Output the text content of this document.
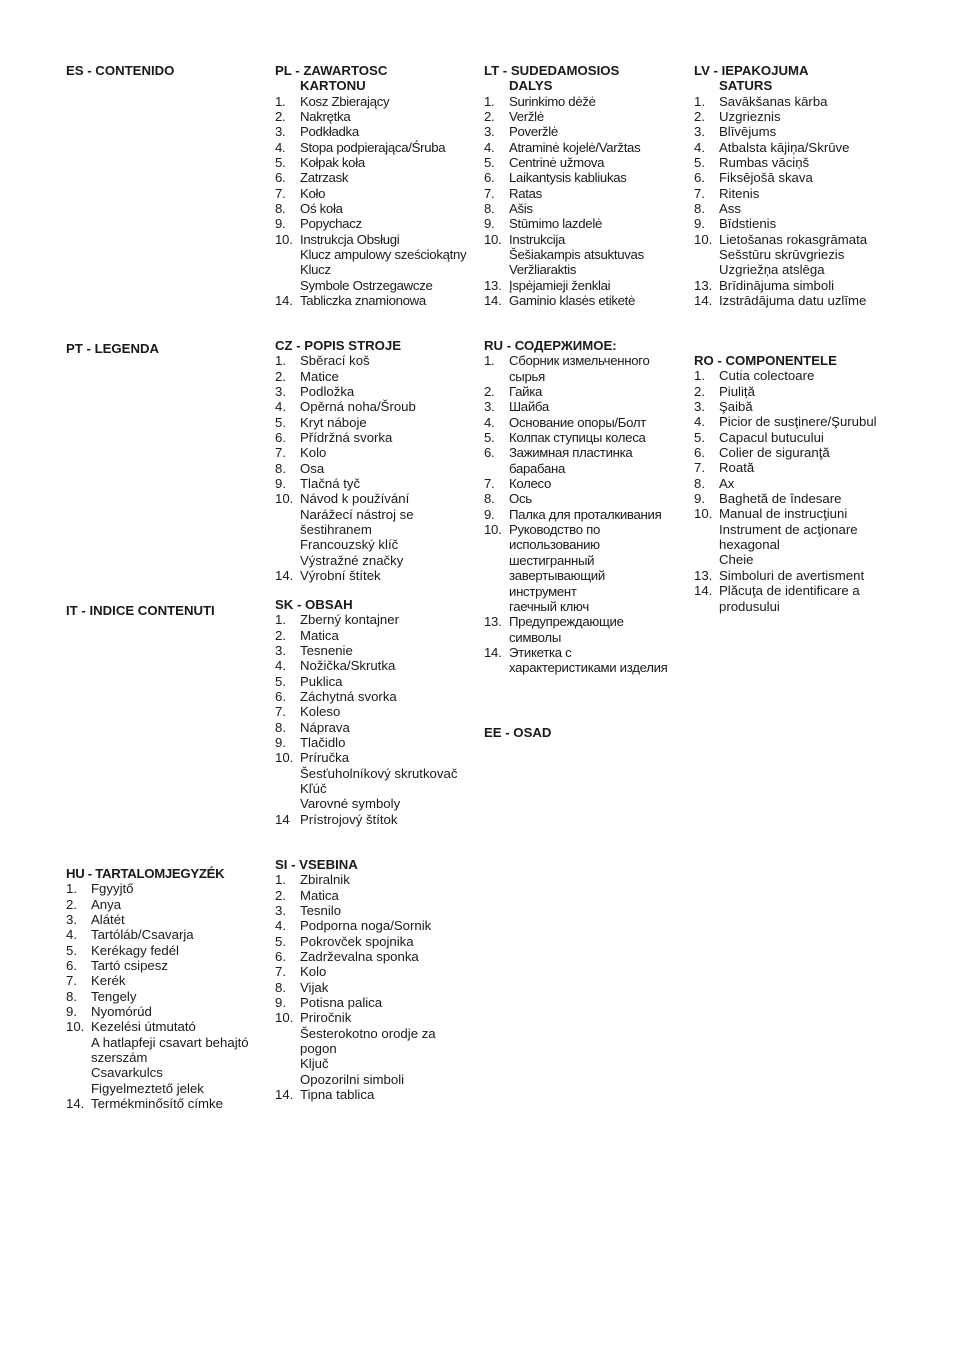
ES - CONTENIDO
PT - LEGENDA
IT - INDICE CONTENUTI
HU - TARTALOMJEGYZÉK
1. Fgyyjtő
2. Anya
3. Alátét
4. Tartóláb/Csavarja
5. Kerékagy fedél
6. Tartó csipesz
7. Kerék
8. Tengely
9. Nyomórúd
10. Kezelési útmutató
A hatlapfeji csavart behajtó szerszám
Csavarkulcs
Figyelmeztető jelek
14. Termékminősítő címke
PL - ZAWARTOSC
KARTONU
1. Kosz Zbierający
2. Nakrętka
3. Podkładka
4. Stopa podpierająca/Śruba
5. Kołpak koła
6. Zatrzask
7. Koło
8. Oś koła
9. Popychacz
10. Instrukcja Obsługi
Klucz ampulowy sześciokątny
Klucz
Symbole Ostrzegawcze
14. Tabliczka znamionowa
CZ - POPIS STROJE
1. Sběrací koš
2. Matice
3. Podložka
4. Opěrná noha/Šroub
5. Kryt náboje
6. Přídržná svorka
7. Kolo
8. Osa
9. Tlačná tyč
10. Návod k používání
Narážecí nástroj se šestihranem
Francouzský klíč
Výstražné značky
14. Výrobní štítek
SK - OBSAH
1. Zberný kontajner
2. Matica
3. Tesnenie
4. Nožička/Skrutka
5. Puklica
6. Záchytná svorka
7. Koleso
8. Náprava
9. Tlačidlo
10. Príručka
Šesťuholníkový skrutkovač
Kľúč
Varovné symboly
14 Prístrojový štítok
SI - VSEBINA
1. Zbiralnik
2. Matica
3. Tesnilo
4. Podporna noga/Sornik
5. Pokrovček spojnika
6. Zadrževalna sponka
7. Kolo
8. Vijak
9. Potisna palica
10. Priročnik
Šesterokotno orodje za pogon
Ključ
Opozorilni simboli
14. Tipna tablica
LT - SUDEDAMOSIOS
DALYS
1. Surinkimo dėžė
2. Veržlė
3. Poveržlė
4. Atraminė kojelė/Varžtas
5. Centrinė užmova
6. Laikantysis kabliukas
7. Ratas
8. Ašis
9. Stūmimo lazdelė
10. Instrukcija
Šešiakampis atsuktuvas
Veržliaraktis
13. Įspėjamieji ženklai
14. Gaminio klasės etiketė
RU - СОДЕРЖИМОЕ:
1. Сборник измельченного сырья
2. Гайка
3. Шайба
4. Основание опоры/Болт
5. Колпак ступицы колеса
6. Зажимная пластинка барабана
7. Колесо
8. Ось
9. Палка для проталкивания
10. Руководство по использованию
шестигранный завертывающий инструмент
гаечный ключ
13. Предупреждающие символы
14. Этикетка с характеристиками изделия
EE - OSAD
LV - IEPAKOJUMA
SATURS
1. Savākšanas kārba
2. Uzgrieznis
3. Blīvējums
4. Atbalsta kājiņa/Skrūve
5. Rumbas vāciņš
6. Fiksējošā skava
7. Ritenis
8. Ass
9. Bīdstienis
10. Lietošanas rokasgrāmata
Sešstūru skrūvgriezis
Uzgriežņa atslēga
13. Brīdinājuma simboli
14. Izstrādājuma datu uzlīme
RO - COMPONENTELE
1. Cutia colectoare
2. Piuliță
3. Şaibă
4. Picior de susţinere/Şurubul
5. Capacul butucului
6. Colier de siguranţă
7. Roată
8. Ax
9. Baghetă de îndesare
10. Manual de instrucţiuni
Instrument de acţionare hexagonal
Cheie
13. Simboluri de avertisment
14. Plăcuţa de identificare a produsului
